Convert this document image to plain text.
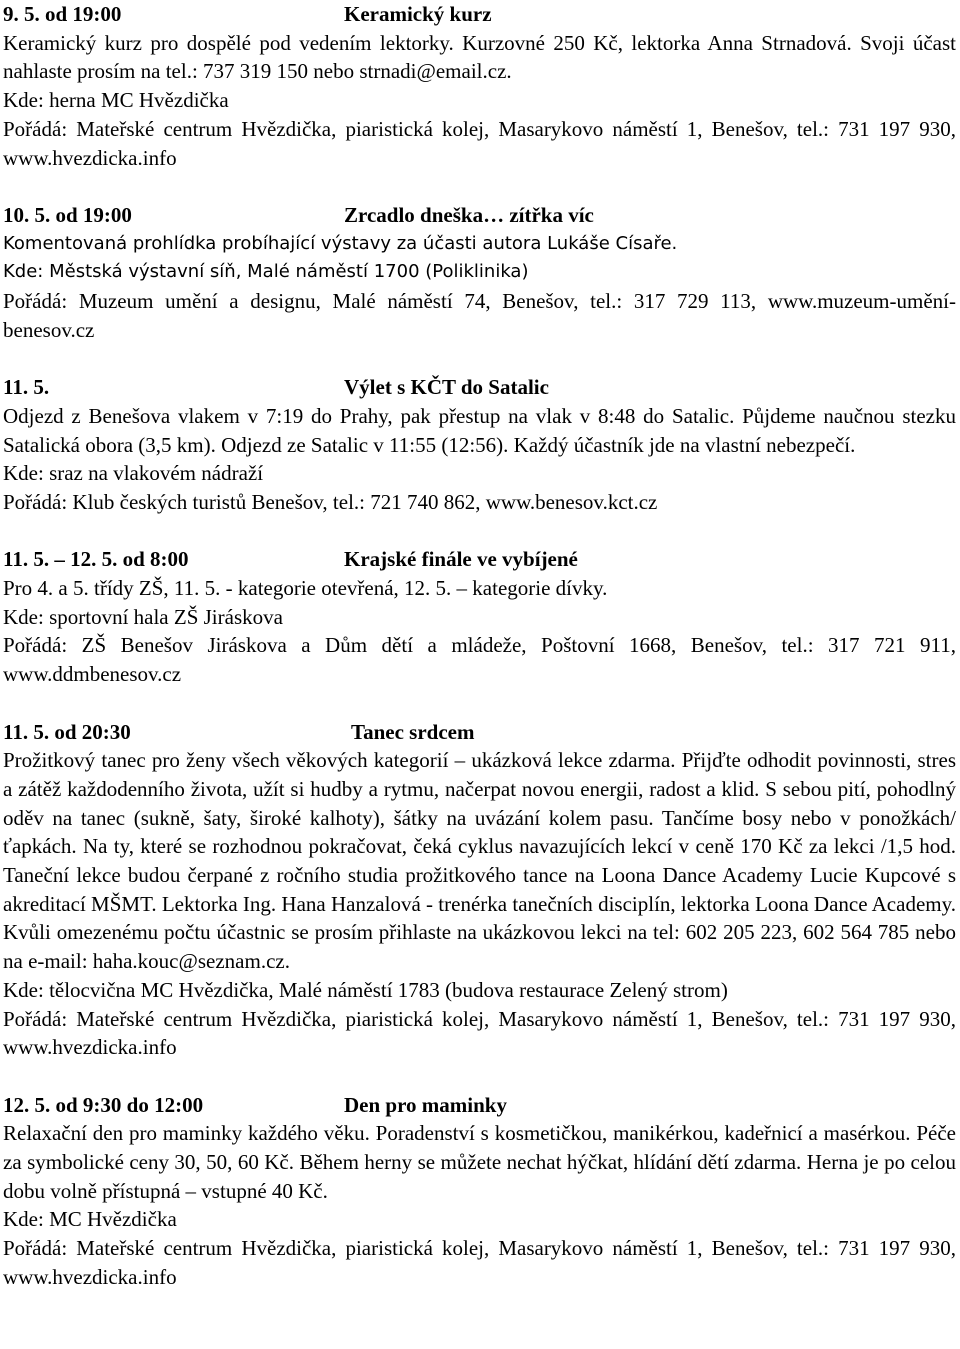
9. 5. od 19:00	Keramický kurz

Keramický kurz pro dospělé pod vedením lektorky. Kurzovné 250 Kč, lektorka Anna Strnadová. Svoji účast nahlaste prosím na tel.: 737 319 150 nebo strnadi@email.cz.

Kde: herna MC Hvězdička

Pořádá: Mateřské centrum Hvězdička, piaristická kolej, Masarykovo náměstí 1, Benešov, tel.: 731 197 930, www.hvezdicka.info

10. 5. od 19:00	Zrcadlo dneška… zítřka víc

Komentovaná prohlídka probíhající výstavy za účasti autora Lukáše Císaře.

Kde: Městská výstavní síň, Malé náměstí 1700 (Poliklinika)

Pořádá: Muzeum umění a designu, Malé náměstí 74, Benešov, tel.: 317 729 113, www.muzeum-umění-benesov.cz

11. 5.	Výlet s KČT do Satalic

Odjezd z Benešova vlakem v 7:19 do Prahy, pak přestup na vlak v 8:48 do Satalic. Půjdeme naučnou stezku Satalická obora (3,5 km). Odjezd ze Satalic v 11:55 (12:56). Každý účastník jde na vlastní nebezpečí.

Kde: sraz na vlakovém nádraží

Pořádá: Klub českých turistů Benešov, tel.: 721 740 862, www.benesov.kct.cz

11. 5. – 12. 5. od 8:00	Krajské finále ve vybíjené

Pro 4. a 5. třídy ZŠ, 11. 5. - kategorie otevřená, 12. 5. – kategorie dívky.

Kde: sportovní hala ZŠ Jiráskova

Pořádá: ZŠ Benešov Jiráskova a Dům dětí a mládeže, Poštovní 1668, Benešov, tel.: 317 721 911, www.ddmbenesov.cz

11. 5. od 20:30	Tanec srdcem

Prožitkový tanec pro ženy všech věkových kategorií – ukázková lekce zdarma. Přijďte odhodit povinnosti, stres a zátěž každodenního života, užít si hudby a rytmu, načerpat novou energii, radost a klid. S sebou pití, pohodlný oděv na tanec (sukně, šaty, široké kalhoty), šátky na uvázání kolem pasu. Tančíme bosy nebo v ponožkách/ťapkách. Na ty, které se rozhodnou pokračovat, čeká cyklus navazujících lekcí v ceně 170 Kč za lekci /1,5 hod. Taneční lekce budou čerpané z ročního studia prožitkového tance na Loona Dance Academy Lucie Kupcové s akreditací MŠMT. Lektorka Ing. Hana Hanzalová - trenérka tanečních disciplín, lektorka Loona Dance Academy. Kvůli omezenému počtu účastnic se prosím přihlaste na ukázkovou lekci na tel: 602 205 223, 602 564 785 nebo na e-mail: haha.kouc@seznam.cz.

Kde: tělocvična MC Hvězdička, Malé náměstí 1783 (budova restaurace Zelený strom)

Pořádá: Mateřské centrum Hvězdička, piaristická kolej, Masarykovo náměstí 1, Benešov, tel.: 731 197 930, www.hvezdicka.info

12. 5. od 9:30 do 12:00	Den pro maminky

Relaxační den pro maminky každého věku. Poradenství s kosmetičkou, manikérkou, kadeřnicí a masérkou. Péče za symbolické ceny 30, 50, 60 Kč. Během herny se můžete nechat hýčkat, hlídání dětí zdarma. Herna je po celou dobu volně přístupná – vstupné 40 Kč.

Kde: MC Hvězdička

Pořádá: Mateřské centrum Hvězdička, piaristická kolej, Masarykovo náměstí 1, Benešov, tel.: 731 197 930, www.hvezdicka.info
